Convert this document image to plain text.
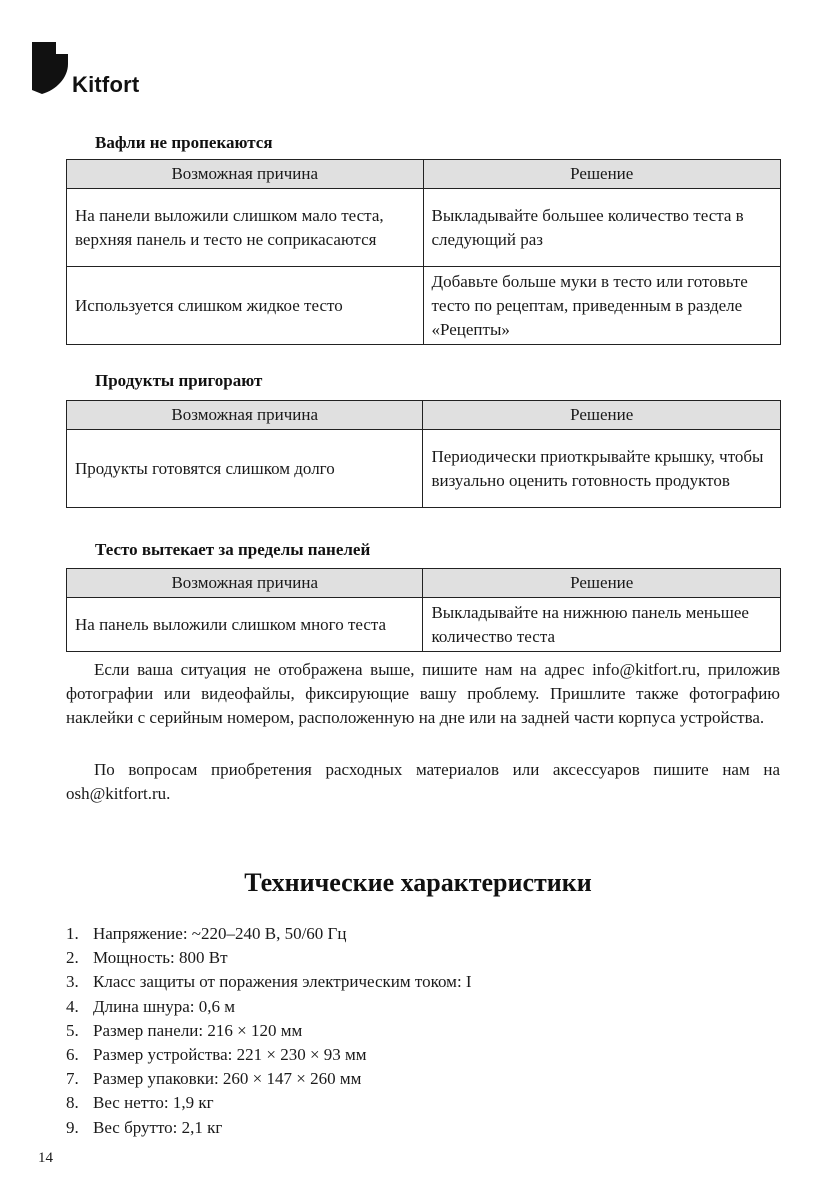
Kitfort
Вафли не пропекаются
Возможная причина	Решение
На панели выложили слишком мало теста, верхняя панель и тесто не соприкасаются	Выкладывайте большее количество теста в следующий раз
Используется слишком жидкое тесто	Добавьте больше муки в тесто или готовьте тесто по рецептам, приведенным в разделе «Рецепты»
Продукты пригорают
Возможная причина	Решение
Продукты готовятся слишком долго	Периодически приоткрывайте крышку, чтобы визуально оценить готовность продуктов
Тесто вытекает за пределы панелей
Возможная причина	Решение
На панель выложили слишком много теста	Выкладывайте на нижнюю панель меньшее количество теста

Если ваша ситуация не отображена выше, пишите нам на адрес info@kitfort.ru, приложив фотографии или видеофайлы, фиксирующие вашу проблему. Пришлите также фотографию наклейки с серийным номером, расположенную на дне или на задней части корпуса устройства.

По вопросам приобретения расходных материалов или аксессуаров пишите нам на osh@kitfort.ru.

Технические характеристики
1. Напряжение: ~220–240 В, 50/60 Гц
2. Мощность: 800 Вт
3. Класс защиты от поражения электрическим током: I
4. Длина шнура: 0,6 м
5. Размер панели: 216 × 120 мм
6. Размер устройства: 221 × 230 × 93 мм
7. Размер упаковки: 260 × 147 × 260 мм
8. Вес нетто: 1,9 кг
9. Вес брутто: 2,1 кг
14
